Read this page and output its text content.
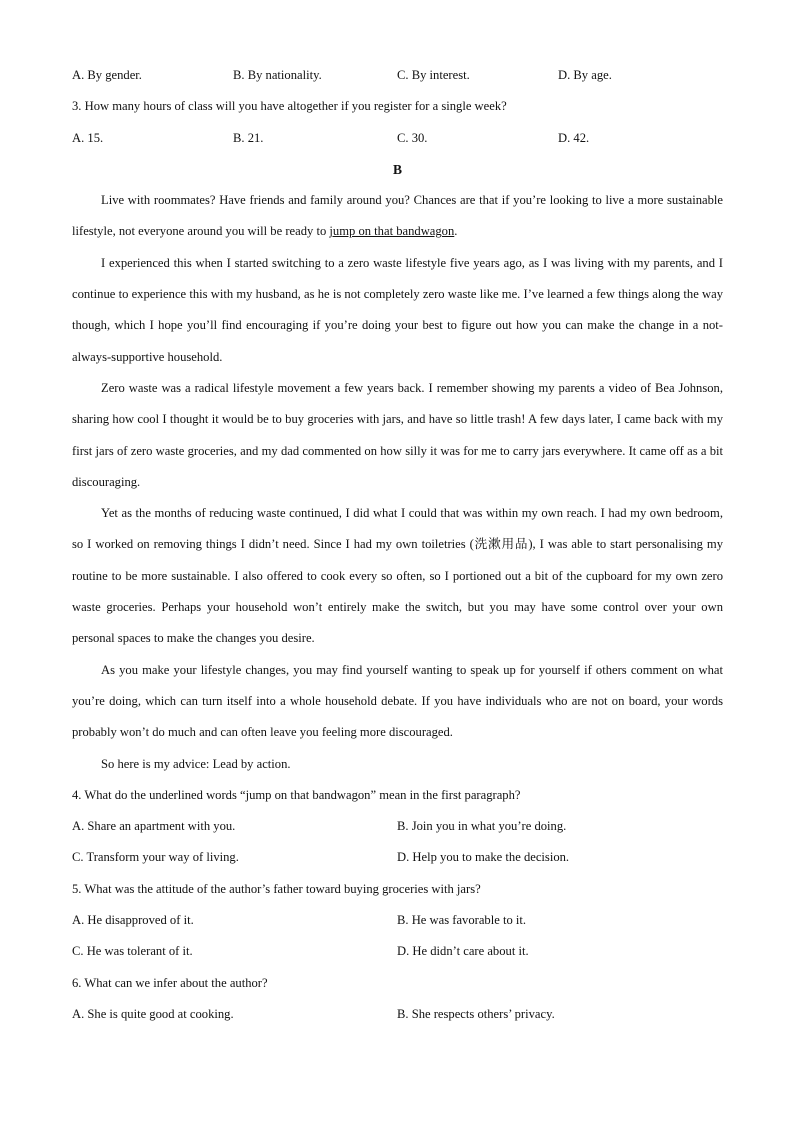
A. By gender.	B. By nationality.	C. By interest.	D. By age.
3. How many hours of class will you have altogether if you register for a single week?
A. 15.	B. 21.	C. 30.	D. 42.
B

Live with roommates? Have friends and family around you? Chances are that if you’re looking to live a more sustainable lifestyle, not everyone around you will be ready to jump on that bandwagon.

I experienced this when I started switching to a zero waste lifestyle five years ago, as I was living with my parents, and I continue to experience this with my husband, as he is not completely zero waste like me. I’ve learned a few things along the way though, which I hope you’ll find encouraging if you’re doing your best to figure out how you can make the change in a not-always-supportive household.

Zero waste was a radical lifestyle movement a few years back. I remember showing my parents a video of Bea Johnson, sharing how cool I thought it would be to buy groceries with jars, and have so little trash! A few days later, I came back with my first jars of zero waste groceries, and my dad commented on how silly it was for me to carry jars everywhere. It came off as a bit discouraging.

Yet as the months of reducing waste continued, I did what I could that was within my own reach. I had my own bedroom, so I worked on removing things I didn’t need. Since I had my own toiletries (洗漱用品), I was able to start personalising my routine to be more sustainable. I also offered to cook every so often, so I portioned out a bit of the cupboard for my own zero waste groceries. Perhaps your household won’t entirely make the switch, but you may have some control over your own personal spaces to make the changes you desire.

As you make your lifestyle changes, you may find yourself wanting to speak up for yourself if others comment on what you’re doing, which can turn itself into a whole household debate. If you have individuals who are not on board, your words probably won’t do much and can often leave you feeling more discouraged.

So here is my advice: Lead by action.

4. What do the underlined words “jump on that bandwagon” mean in the first paragraph?
A. Share an apartment with you.	B. Join you in what you’re doing.
C. Transform your way of living.	D. Help you to make the decision.
5. What was the attitude of the author’s father toward buying groceries with jars?
A. He disapproved of it.	B. He was favorable to it.
C. He was tolerant of it.	D. He didn’t care about it.
6. What can we infer about the author?
A. She is quite good at cooking.	B. She respects others’ privacy.
